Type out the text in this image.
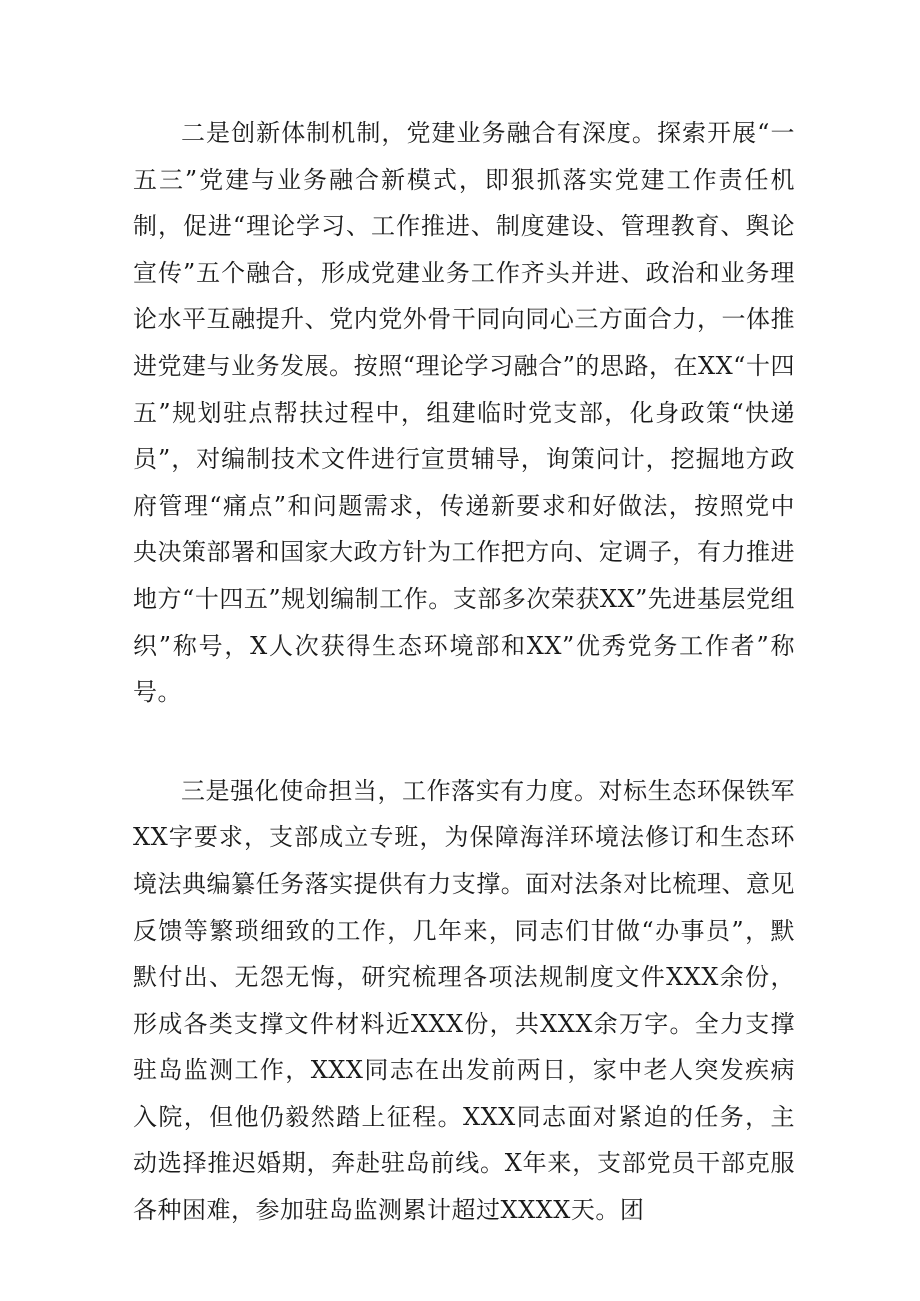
二是创新体制机制，党建业务融合有深度。探索开展“一五三”党建与业务融合新模式，即狠抓落实党建工作责任机制，促进“理论学习、工作推进、制度建设、管理教育、舆论宣传”五个融合，形成党建业务工作齐头并进、政治和业务理论水平互融提升、党内党外骨干同向同心三方面合力，一体推进党建与业务发展。按照“理论学习融合”的思路，在XX“十四五”规划驻点帮扶过程中，组建临时党支部，化身政策“快递员”，对编制技术文件进行宣贯辅导，询策问计，挖掘地方政府管理“痛点”和问题需求，传递新要求和好做法，按照党中央决策部署和国家大政方针为工作把方向、定调子，有力推进地方“十四五”规划编制工作。支部多次荣获XX”先进基层党组织”称号，X人次获得生态环境部和XX”优秀党务工作者”称号。

三是强化使命担当，工作落实有力度。对标生态环保铁军XX字要求，支部成立专班，为保障海洋环境法修订和生态环境法典编纂任务落实提供有力支撑。面对法条对比梳理、意见反馈等繁琐细致的工作，几年来，同志们甘做“办事员”，默默付出、无怨无悔，研究梳理各项法规制度文件XXX余份，形成各类支撑文件材料近XXX份，共XXX余万字。全力支撑驻岛监测工作，XXX同志在出发前两日，家中老人突发疾病入院，但他仍毅然踏上征程。XXX同志面对紧迫的任务，主动选择推迟婚期，奔赴驻岛前线。X年来，支部党员干部克服各种困难，参加驻岛监测累计超过XXXX天。团
